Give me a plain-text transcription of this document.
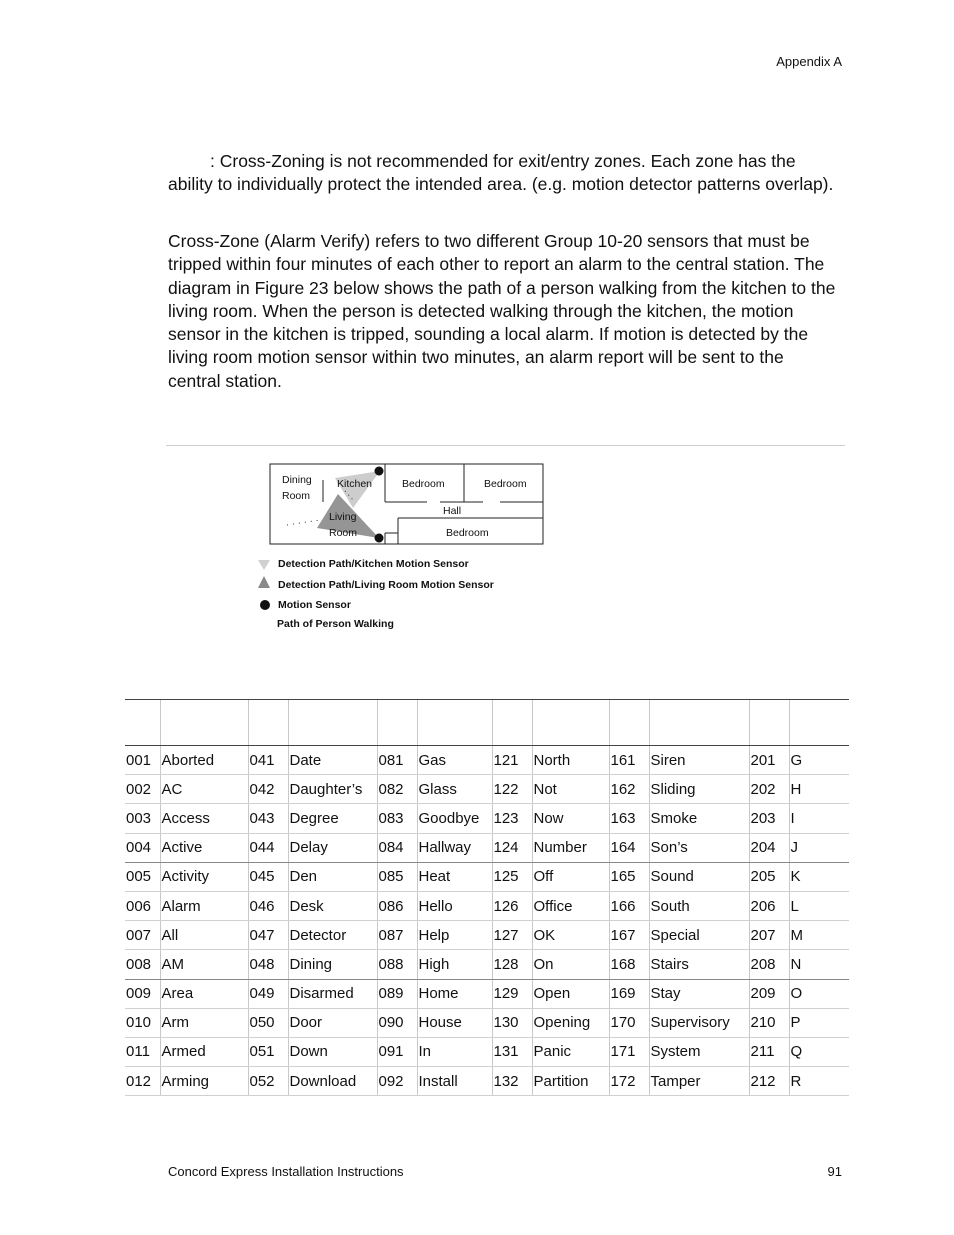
Appendix A

: Cross-Zoning is not recommended for exit/entry zones. Each zone has the ability to individually protect the intended area. (e.g. motion detector patterns overlap).

Cross-Zone (Alarm Verify) refers to two different Group 10-20 sensors that must be tripped within four minutes of each other to report an alarm to the central station. The diagram in Figure 23 below shows the path of a person walking from the kitchen to the living room. When the person is detected walking through the kitchen, the motion sensor in the kitchen is tripped, sounding a local alarm. If motion is detected by the living room motion sensor within two minutes, an alarm report will be sent to the central station.

Dining
Room
Kitchen	Bedroom	Bedroom
Hall
Living
Room	Bedroom
Detection Path/Kitchen Motion Sensor
Detection Path/Living Room Motion Sensor
Motion Sensor
Path of Person Walking

001	Aborted	041	Date	081	Gas	121	North	161	Siren	201	G
002	AC	042	Daughter’s	082	Glass	122	Not	162	Sliding	202	H
003	Access	043	Degree	083	Goodbye	123	Now	163	Smoke	203	I
004	Active	044	Delay	084	Hallway	124	Number	164	Son’s	204	J
005	Activity	045	Den	085	Heat	125	Off	165	Sound	205	K
006	Alarm	046	Desk	086	Hello	126	Office	166	South	206	L
007	All	047	Detector	087	Help	127	OK	167	Special	207	M
008	AM	048	Dining	088	High	128	On	168	Stairs	208	N
009	Area	049	Disarmed	089	Home	129	Open	169	Stay	209	O
010	Arm	050	Door	090	House	130	Opening	170	Supervisory	210	P
011	Armed	051	Down	091	In	131	Panic	171	System	211	Q
012	Arming	052	Download	092	Install	132	Partition	172	Tamper	212	R
Concord Express Installation Instructions	91
